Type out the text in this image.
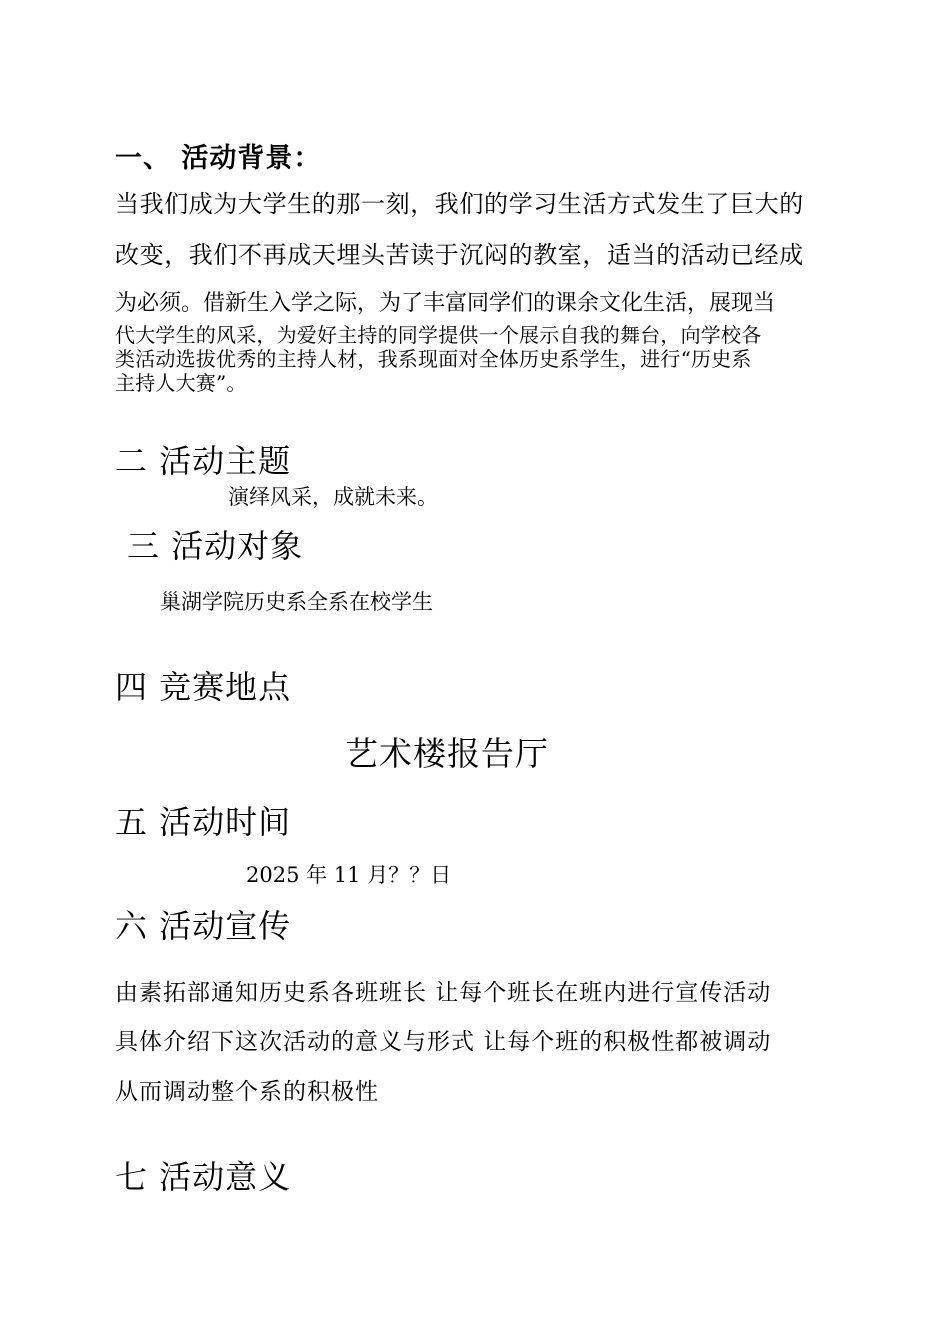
一、 活动背景：

当我们成为大学生的那一刻，我们的学习生活方式发生了巨大的

改变，我们不再成天埋头苦读于沉闷的教室，适当的活动已经成

为必须。借新生入学之际，为了丰富同学们的课余文化生活，展现当

代大学生的风采，为爱好主持的同学提供一个展示自我的舞台，向学校各

类活动选拔优秀的主持人材，我系现面对全体历史系学生，进行“历史系

主持人大赛”。

二 活动主题

演绎风采，成就未来。

三 活动对象

巢湖学院历史系全系在校学生

四 竞赛地点

艺术楼报告厅

五 活动时间

2025 年 11 月？？日

六 活动宣传

由素拓部通知历史系各班班长 让每个班长在班内进行宣传活动

具体介绍下这次活动的意义与形式 让每个班的积极性都被调动

从而调动整个系的积极性

七 活动意义
